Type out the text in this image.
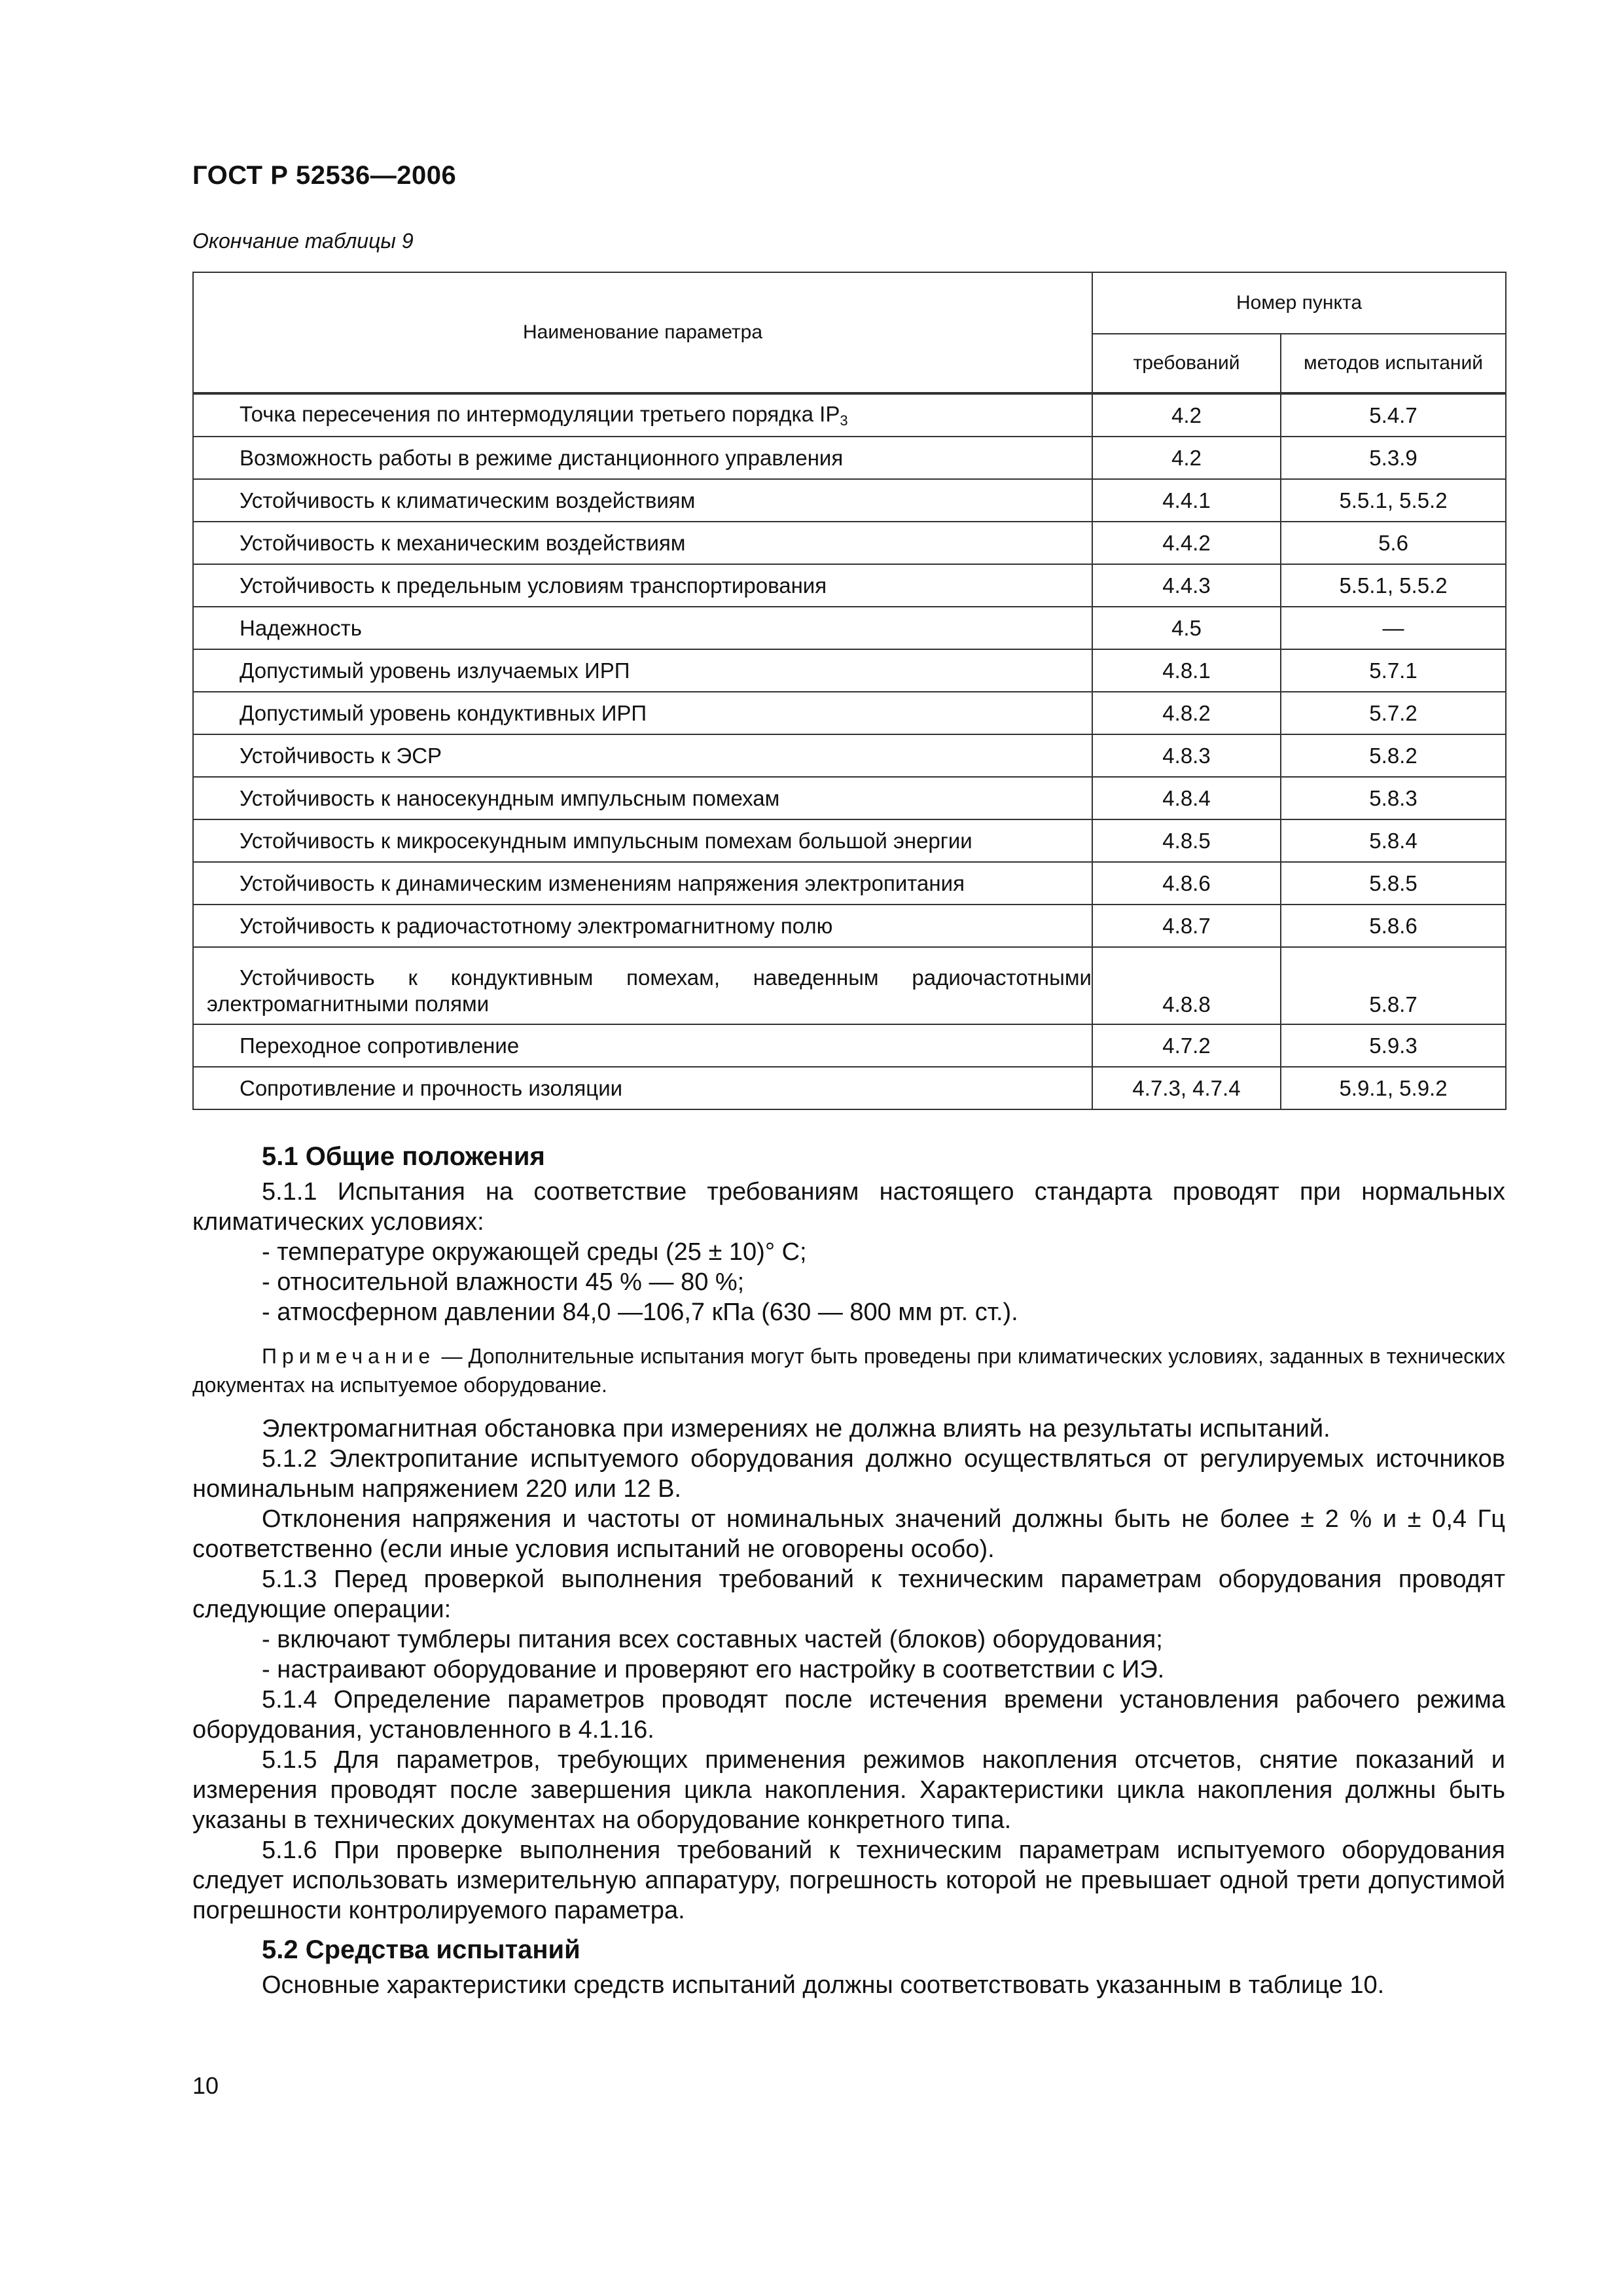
ГОСТ Р 52536—2006
Окончание таблицы 9
Наименование параметра	Номер пункта	
	требований	методов испытаний
Точка пересечения по интермодуляции третьего порядка $IP_3$	4.2	5.4.7
Возможность работы в режиме дистанционного управления	4.2	5.3.9
Устойчивость к климатическим воздействиям	4.4.1	5.5.1, 5.5.2
Устойчивость к механическим воздействиям	4.4.2	5.6
Устойчивость к предельным условиям транспортирования	4.4.3	5.5.1, 5.5.2
Надежность	4.5	—
Допустимый уровень излучаемых ИРП	4.8.1	5.7.1
Допустимый уровень кондуктивных ИРП	4.8.2	5.7.2
Устойчивость к ЭСР	4.8.3	5.8.2
Устойчивость к наносекундным импульсным помехам	4.8.4	5.8.3
Устойчивость к микросекундным импульсным помехам большой энергии	4.8.5	5.8.4
Устойчивость к динамическим изменениям напряжения электропитания	4.8.6	5.8.5
Устойчивость к радиочастотному электромагнитному полю	4.8.7	5.8.6
Устойчивость к кондуктивным помехам, наведенным радиочастотными электромагнитными полями	4.8.8	5.8.7
Переходное сопротивление	4.7.2	5.9.3
Сопротивление и прочность изоляции	4.7.3, 4.7.4	5.9.1, 5.9.2

5.1 Общие положения

5.1.1 Испытания на соответствие требованиям настоящего стандарта проводят при нормальных климатических условиях:

- температуре окружающей среды (25 ± 10)° С;

- относительной влажности 45 % — 80 %;

- атмосферном давлении 84,0 —106,7 кПа (630 — 800 мм рт. ст.).

Примечание — Дополнительные испытания могут быть проведены при климатических условиях, заданных в технических документах на испытуемое оборудование.

Электромагнитная обстановка при измерениях не должна влиять на результаты испытаний.

5.1.2 Электропитание испытуемого оборудования должно осуществляться от регулируемых источников номинальным напряжением 220 или 12 В.

Отклонения напряжения и частоты от номинальных значений должны быть не более ± 2 % и ± 0,4 Гц соответственно (если иные условия испытаний не оговорены особо).

5.1.3 Перед проверкой выполнения требований к техническим параметрам оборудования проводят следующие операции:

- включают тумблеры питания всех составных частей (блоков) оборудования;

- настраивают оборудование и проверяют его настройку в соответствии с ИЭ.

5.1.4 Определение параметров проводят после истечения времени установления рабочего режима оборудования, установленного в 4.1.16.

5.1.5 Для параметров, требующих применения режимов накопления отсчетов, снятие показаний и измерения проводят после завершения цикла накопления. Характеристики цикла накопления должны быть указаны в технических документах на оборудование конкретного типа.

5.1.6 При проверке выполнения требований к техническим параметрам испытуемого оборудования следует использовать измерительную аппаратуру, погрешность которой не превышает одной трети допустимой погрешности контролируемого параметра.

5.2 Средства испытаний

Основные характеристики средств испытаний должны соответствовать указанным в таблице 10.

10
